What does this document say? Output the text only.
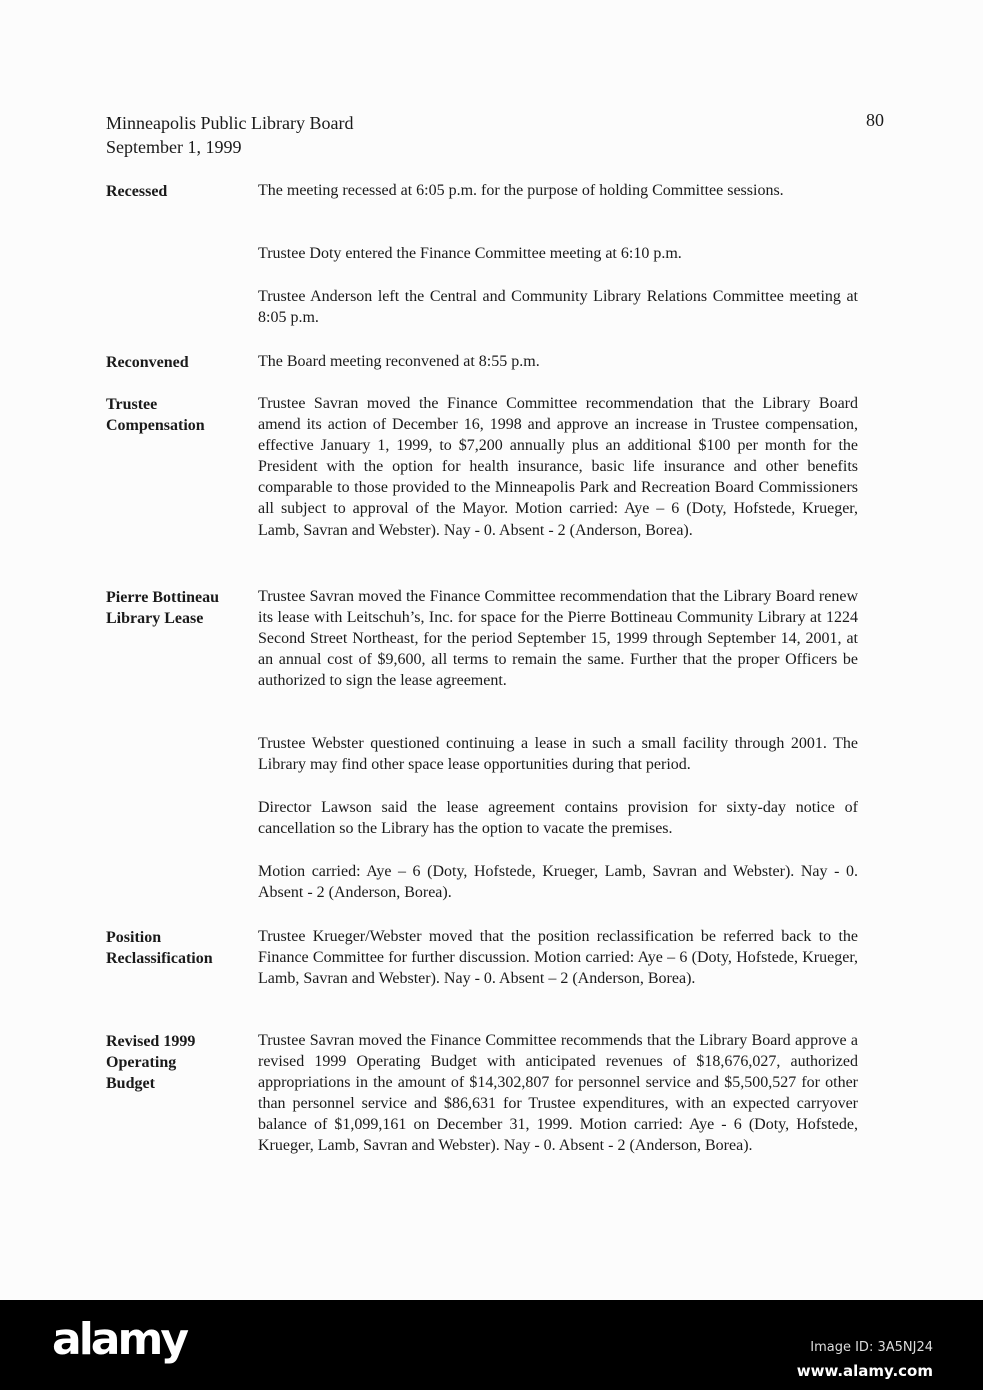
Minneapolis Public Library Board
September 1, 1999
80
Recessed	The meeting recessed at 6:05 p.m. for the purpose of holding Committee sessions.
Trustee Doty entered the Finance Committee meeting at 6:10 p.m.
Trustee Anderson left the Central and Community Library Relations Committee meeting at 8:05 p.m.
Reconvened	The Board meeting reconvened at 8:55 p.m.
Trustee Compensation
Trustee Savran moved the Finance Committee recommendation that the Library Board amend its action of December 16, 1998 and approve an increase in Trustee compensation, effective January 1, 1999, to $7,200 annually plus an additional $100 per month for the President with the option for health insurance, basic life insurance and other benefits comparable to those provided to the Minneapolis Park and Recreation Board Commissioners all subject to approval of the Mayor. Motion carried: Aye – 6 (Doty, Hofstede, Krueger, Lamb, Savran and Webster). Nay - 0. Absent - 2 (Anderson, Borea).
Pierre Bottineau Library Lease
Trustee Savran moved the Finance Committee recommendation that the Library Board renew its lease with Leitschuh’s, Inc. for space for the Pierre Bottineau Community Library at 1224 Second Street Northeast, for the period September 15, 1999 through September 14, 2001, at an annual cost of $9,600, all terms to remain the same. Further that the proper Officers be authorized to sign the lease agreement.
Trustee Webster questioned continuing a lease in such a small facility through 2001. The Library may find other space lease opportunities during that period.
Director Lawson said the lease agreement contains provision for sixty-day notice of cancellation so the Library has the option to vacate the premises.
Motion carried: Aye – 6 (Doty, Hofstede, Krueger, Lamb, Savran and Webster). Nay - 0. Absent - 2 (Anderson, Borea).
Position Reclassification
Trustee Krueger/Webster moved that the position reclassification be referred back to the Finance Committee for further discussion. Motion carried: Aye – 6 (Doty, Hofstede, Krueger, Lamb, Savran and Webster). Nay - 0. Absent – 2 (Anderson, Borea).
Revised 1999 Operating Budget
Trustee Savran moved the Finance Committee recommends that the Library Board approve a revised 1999 Operating Budget with anticipated revenues of $18,676,027, authorized appropriations in the amount of $14,302,807 for personnel service and $5,500,527 for other than personnel service and $86,631 for Trustee expenditures, with an expected carryover balance of $1,099,161 on December 31, 1999. Motion carried: Aye - 6 (Doty, Hofstede, Krueger, Lamb, Savran and Webster). Nay - 0. Absent - 2 (Anderson, Borea).
alamy	Image ID: 3A5NJ24
www.alamy.com
